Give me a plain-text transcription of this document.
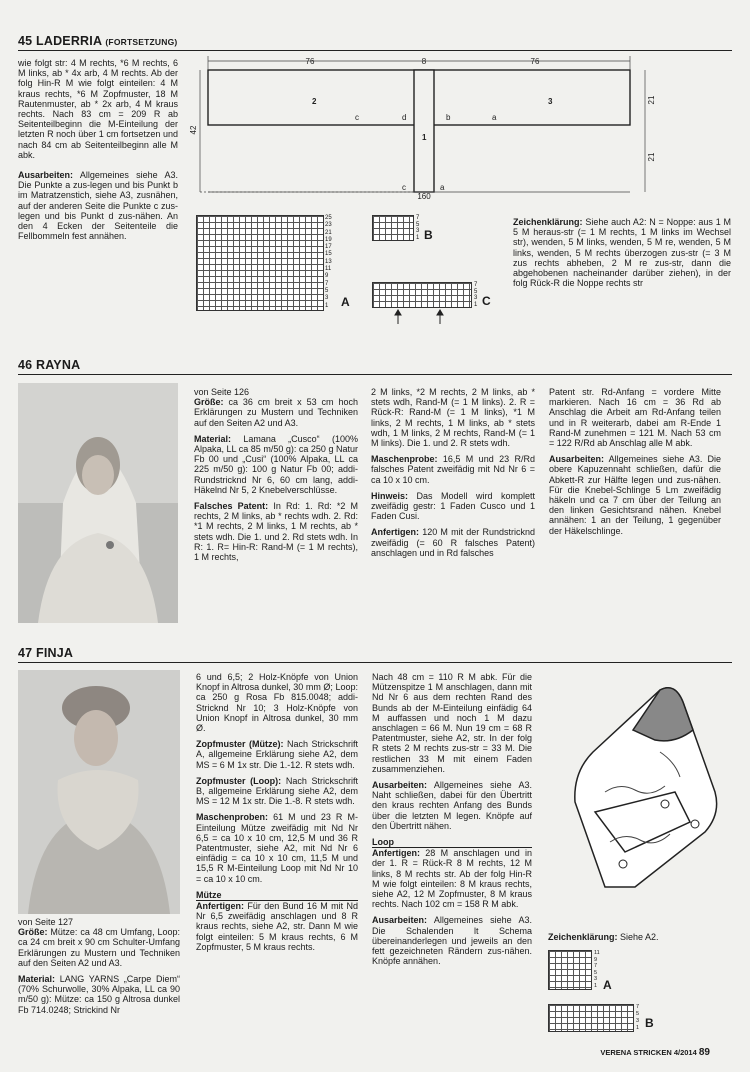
45 LADERRIA (FORTSETZUNG)

wie folgt str: 4 M rechts, *6 M rechts, 6 M links, ab * 4x arb, 4 M rechts. Ab der folg Hin-R M wie folgt einteilen: 4 M kraus rechts, *6 M Zopfmuster, 18 M Rautenmuster, ab * 2x arb, 4 M kraus rechts. Nach 83 cm = 209 R ab Seitenteilbeginn die M-Einteilung der letzten R noch über 1 cm fortsetzen und nach 84 cm ab Seitenteilbeginn alle M abk.

Ausarbeiten: Allgemeines siehe A3. Die Punkte a zus-legen und bis Punkt b im Matratzenstich, siehe A3, zusnähen, auf der anderen Seite die Punkte c zus-legen und bis Punkt d zus-nähen. An den 4 Ecken der Seitenteile die Fellbommeln fest annähen.

76	8	76
42
21
21
160
2	3
1
a
b
c	d
c	a
25
23
21
19
17
15
13
11
9
7
5
3
1	A
7
5
3
1 B
7
5
3
1 C
Zeichenklärung: Siehe auch A2: N = Noppe: aus 1 M 5 M heraus-str (= 1 M rechts, 1 M links im Wechsel str), wenden, 5 M links, wenden, 5 M re, wenden, 5 M links, wenden, 5 M rechts überzogen zus-str (= 3 M zus rechts abheben, 2 M re zus-str, dann die abgehobenen nacheinander darüber ziehen), in der folg Rück-R die Noppe rechts str
46 RAYNA
von Seite 126

Größe: ca 36 cm breit x 53 cm hoch Erklärungen zu Mustern und Techniken auf den Seiten A2 und A3.

Material: Lamana „Cusco“ (100% Alpaka, LL ca 85 m/50 g): ca 250 g Natur Fb 00 und „Cusi“ (100% Alpaka, LL ca 225 m/50 g): 100 g Natur Fb 00; addi-Rundstricknd Nr 6, 60 cm lang, addi-Häkelnd Nr 5, 2 Knebelverschlüsse.

Falsches Patent: In Rd: 1. Rd: *2 M rechts, 2 M links, ab * rechts wdh. 2. Rd: *1 M rechts, 2 M links, 1 M rechts, ab * stets wdh. Die 1. und 2. Rd stets wdh. In R: 1. R= Hin-R: Rand-M (= 1 M rechts), 1 M rechts,

2 M links, *2 M rechts, 2 M links, ab * stets wdh, Rand-M (= 1 M links). 2. R = Rück-R: Rand-M (= 1 M links), *1 M links, 2 M rechts, 1 M links, ab * stets wdh, 1 M links, 2 M rechts, Rand-M (= 1 M links). Die 1. und 2. R stets wdh.

Maschenprobe: 16,5 M und 23 R/Rd falsches Patent zweifädig mit Nd Nr 6 = ca 10 x 10 cm.

Hinweis: Das Modell wird komplett zweifädig gestr: 1 Faden Cusco und 1 Faden Cusi.

Anfertigen: 120 M mit der Rundstricknd zweifädig (= 60 R falsches Patent) anschlagen und in Rd falsches

Patent str. Rd-Anfang = vordere Mitte markieren. Nach 16 cm = 36 Rd ab Anschlag die Arbeit am Rd-Anfang teilen und in R weiterarb, dabei am R-Ende 1 Rand-M zunehmen = 121 M. Nach 53 cm = 122 R/Rd ab Anschlag alle M abk.

Ausarbeiten: Allgemeines siehe A3. Die obere Kapuzennaht schließen, dafür die Abkett-R zur Hälfte legen und zus-nähen. Für die Knebel-Schlinge 5 Lm zweifädig häkeln und ca 7 cm über der Teilung an den linken Gesichtsrand nähen. Knebel annähen: 1 an der Teilung, 1 gegenüber der Häkelschlinge.

47 FINJA
von Seite 127

Größe: Mütze: ca 48 cm Umfang, Loop: ca 24 cm breit x 90 cm Schulter-Umfang Erklärungen zu Mustern und Techniken auf den Seiten A2 und A3.

Material: LANG YARNS „Carpe Diem“ (70% Schurwolle, 30% Alpaka, LL ca 90 m/50 g): Mütze: ca 150 g Altrosa dunkel Fb 714.0248; Strickind Nr

6 und 6,5; 2 Holz-Knöpfe von Union Knopf in Altrosa dunkel, 30 mm Ø; Loop: ca 250 g Rosa Fb 815.0048; addi-Stricknd Nr 10; 3 Holz-Knöpfe von Union Knopf in Altrosa dunkel, 30 mm Ø.

Zopfmuster (Mütze): Nach Strickschrift A, allgemeine Erklärung siehe A2, dem MS = 6 M 1x str. Die 1.-12. R stets wdh.

Zopfmuster (Loop): Nach Strickschrift B, allgemeine Erklärung siehe A2, dem MS = 12 M 1x str. Die 1.-8. R stets wdh.

Maschenproben: 61 M und 23 R M-Einteilung Mütze zweifädig mit Nd Nr 6,5 = ca 10 x 10 cm, 12,5 M und 36 R Patentmuster, siehe A2, mit Nd Nr 6 einfädig = ca 10 x 10 cm, 11,5 M und 15,5 R M-Einteilung Loop mit Nd Nr 10 = ca 10 x 10 cm.

Mütze

Anfertigen: Für den Bund 16 M mit Nd Nr 6,5 zweifädig anschlagen und 8 R kraus rechts, siehe A2, str. Dann M wie folgt einteilen: 5 M kraus rechts, 6 M Zopfmuster, 5 M kraus rechts.

Nach 48 cm = 110 R M abk. Für die Mützenspitze 1 M anschlagen, dann mit Nd Nr 6 aus dem rechten Rand des Bunds ab der M-Einteilung einfädig 64 M auffassen und noch 1 M dazu anschlagen = 66 M. Nun 19 cm = 68 R Patentmuster, siehe A2, str. In der folg R stets 2 M rechts zus-str = 33 M. Die restlichen 33 M mit einem Faden zusammenziehen.

Ausarbeiten: Allgemeines siehe A3. Naht schließen, dabei für den Übertritt den kraus rechten Anfang des Bunds über die letzten M legen. Knöpfe auf den Übertritt nähen.

Loop

Anfertigen: 28 M anschlagen und in der 1. R = Rück-R 8 M rechts, 12 M links, 8 M rechts str. Ab der folg Hin-R M wie folgt einteilen: 8 M kraus rechts, siehe A2, 12 M Zopfmuster, 8 M kraus rechts. Nach 102 cm = 158 R M abk.

Ausarbeiten: Allgemeines siehe A3. Die Schalenden lt Schema übereinanderlegen und jeweils an den fett gezeichneten Rändern zus-nähen. Knöpfe annähen.

Zeichenklärung: Siehe A2.
11
9
7
5
3
1 A
7
5
3
1 B
VERENA STRICKEN 4/2014 89
